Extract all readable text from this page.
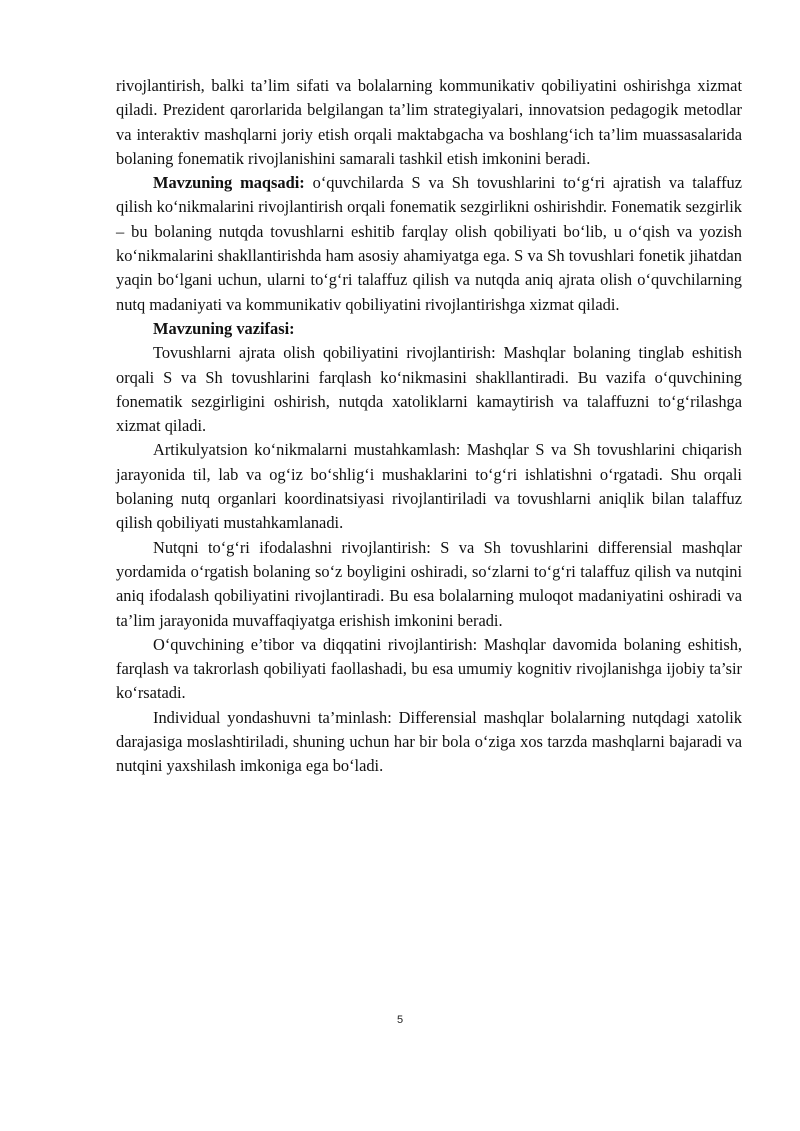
rivojlantirish, balki ta’lim sifati va bolalarning kommunikativ qobiliyatini oshirishga xizmat qiladi. Prezident qarorlarida belgilangan ta’lim strategiyalari, innovatsion pedagogik metodlar va interaktiv mashqlarni joriy etish orqali maktabgacha va boshlang‘ich ta’lim muassasalarida bolaning fonematik rivojlanishini samarali tashkil etish imkonini beradi.

Mavzuning maqsadi: o‘quvchilarda S va Sh tovushlarini to‘g‘ri ajratish va talaffuz qilish ko‘nikmalarini rivojlantirish orqali fonematik sezgirlikni oshirishdir. Fonematik sezgirlik – bu bolaning nutqda tovushlarni eshitib farqlay olish qobiliyati bo‘lib, u o‘qish va yozish ko‘nikmalarini shakllantirishda ham asosiy ahamiyatga ega. S va Sh tovushlari fonetik jihatdan yaqin bo‘lgani uchun, ularni to‘g‘ri talaffuz qilish va nutqda aniq ajrata olish o‘quvchilarning nutq madaniyati va kommunikativ qobiliyatini rivojlantirishga xizmat qiladi.

Mavzuning vazifasi:

Tovushlarni ajrata olish qobiliyatini rivojlantirish: Mashqlar bolaning tinglab eshitish orqali S va Sh tovushlarini farqlash ko‘nikmasini shakllantiradi. Bu vazifa o‘quvchining fonematik sezgirligini oshirish, nutqda xatoliklarni kamaytirish va talaffuzni to‘g‘rilashga xizmat qiladi.

Artikulyatsion ko‘nikmalarni mustahkamlash: Mashqlar S va Sh tovushlarini chiqarish jarayonida til, lab va og‘iz bo‘shlig‘i mushaklarini to‘g‘ri ishlatishni o‘rgatadi. Shu orqali bolaning nutq organlari koordinatsiyasi rivojlantiriladi va tovushlarni aniqlik bilan talaffuz qilish qobiliyati mustahkamlanadi.

Nutqni to‘g‘ri ifodalashni rivojlantirish: S va Sh tovushlarini differensial mashqlar yordamida o‘rgatish bolaning so‘z boyligini oshiradi, so‘zlarni to‘g‘ri talaffuz qilish va nutqini aniq ifodalash qobiliyatini rivojlantiradi. Bu esa bolalarning muloqot madaniyatini oshiradi va ta’lim jarayonida muvaffaqiyatga erishish imkonini beradi.

O‘quvchining e’tibor va diqqatini rivojlantirish: Mashqlar davomida bolaning eshitish, farqlash va takrorlash qobiliyati faollashadi, bu esa umumiy kognitiv rivojlanishga ijobiy ta’sir ko‘rsatadi.

Individual yondashuvni ta’minlash: Differensial mashqlar bolalarning nutqdagi xatolik darajasiga moslashtiriladi, shuning uchun har bir bola o‘ziga xos tarzda mashqlarni bajaradi va nutqini yaxshilash imkoniga ega bo‘ladi.

5
